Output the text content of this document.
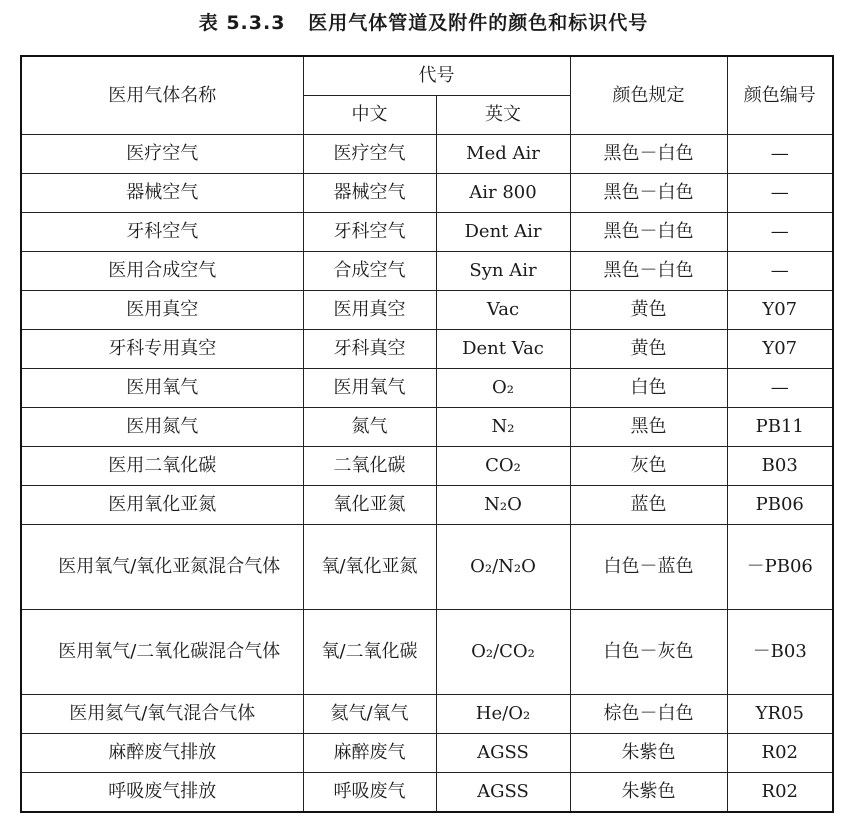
表 5.3.3   医用气体管道及附件的颜色和标识代号
医用气体名称	代号		颜色规定	颜色编号
	中文	英文		
医疗空气	医疗空气	Med Air	黑色－白色	—
器械空气	器械空气	Air 800	黑色－白色	—
牙科空气	牙科空气	Dent Air	黑色－白色	—
医用合成空气	合成空气	Syn Air	黑色－白色	—
医用真空	医用真空	Vac	黄色	Y07
牙科专用真空	牙科真空	Dent Vac	黄色	Y07
医用氧气	医用氧气	O₂	白色	—
医用氮气	氮气	N₂	黑色	PB11
医用二氧化碳	二氧化碳	CO₂	灰色	B03
医用氧化亚氮	氧化亚氮	N₂O	蓝色	PB06
医用氧气/氧化亚氮混合气体	氧/氧化亚氮	O₂/N₂O	白色－蓝色	－PB06
医用氧气/二氧化碳混合气体	氧/二氧化碳	O₂/CO₂	白色－灰色	－B03
医用氦气/氧气混合气体	氦气/氧气	He/O₂	棕色－白色	YR05
麻醉废气排放	麻醉废气	AGSS	朱紫色	R02
呼吸废气排放	呼吸废气	AGSS	朱紫色	R02
